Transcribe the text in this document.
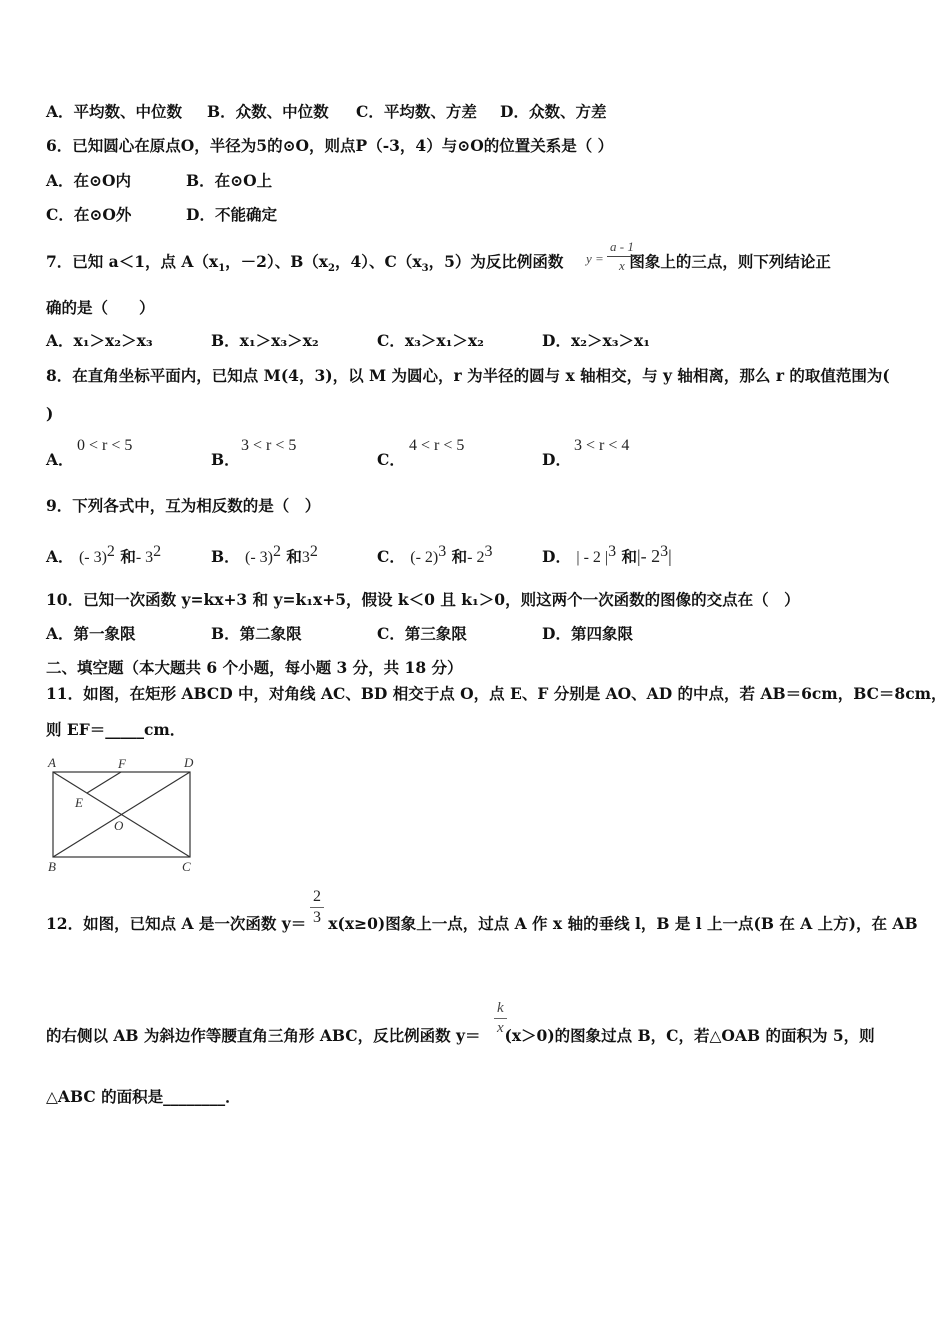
A．平均数、中位数 B．众数、中位数 C．平均数、方差 D．众数、方差
6．已知圆心在原点O，半径为5的⊙O，则点P（-3，4）与⊙O的位置关系是（ ）
A．在⊙O内	B．在⊙O上
C．在⊙O外	D．不能确定
7．已知 a＜1，点 $A(x_1$，－2）、$B(x_2$，4）、$C(x_3$，5）为反比例函数	图象上的三点，则下列结论正
$y = \frac{a - 1}{x}$
确的是（　　）
A．x₁＞x₂＞x₃	B．x₁＞x₃＞x₂	C．x₃＞x₁＞x₂	D．x₂＞x₃＞x₁
8．在直角坐标平面内，已知点 M(4，3)，以 M 为圆心，r 为半径的圆与 x 轴相交，与 y 轴相离，那么 r 的取值范围为(
)
A．
0 < r < 5
B．
3 < r < 5
C．
4 < r < 5
D．
3 < r < 4
9．下列各式中，互为相反数的是（　）
A． (- 3)$^2$ 和- $3^2$	B． (- 3)$^2$ 和$3^2$	C． (- 2)$^3$ 和- $2^3$	D． | - 2 $|^3$ 和|- $2^3|$
10．已知一次函数 y=kx+3 和 y=k₁x+5，假设 k＜0 且 k₁＞0，则这两个一次函数的图像的交点在（　）
A．第一象限	B．第二象限	C．第三象限	D．第四象限
二、填空题（本大题共 6 个小题，每小题 3 分，共 18 分）
11．如图，在矩形 ABCD 中，对角线 AC、BD 相交于点 O，点 E、F 分别是 AO、AD 的中点，若 AB＝6cm，BC＝8cm，
则 EF＝_____cm．
A	F	D
E
O
B	C
12．如图，已知点 A 是一次函数 y＝ x(x≥0)图象上一点，过点 A 作 x 轴的垂线 l，B 是 l 上一点(B 在 A 上方)，在 AB
$\frac{2}{3}$
的右侧以 AB 为斜边作等腰直角三角形 ABC，反比例函数 y＝ (x＞0)的图象过点 B，C，若△OAB 的面积为 5，则
$\frac{k}{x}$
△ABC 的面积是________．
